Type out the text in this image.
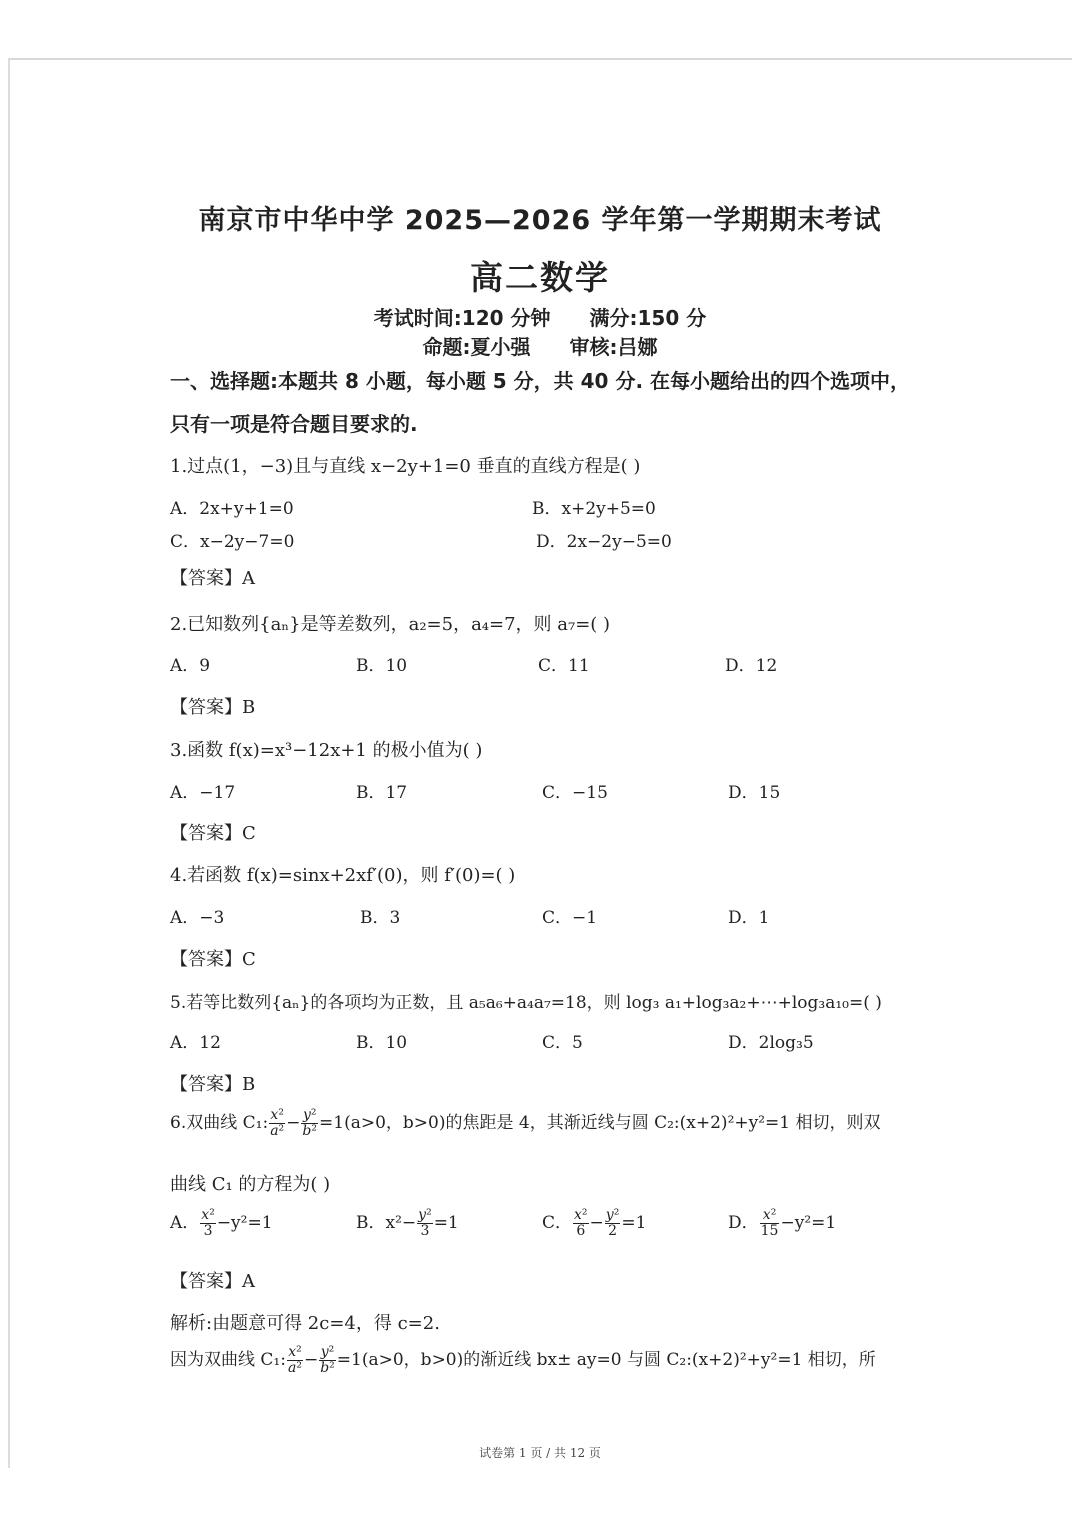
南京市中华中学 2025—2026 学年第一学期期末考试
高二数学
考试时间:120 分钟 满分:150 分
命题:夏小强 审核:吕娜
一、选择题:本题共 8 小题，每小题 5 分，共 40 分. 在每小题给出的四个选项中，
只有一项是符合题目要求的.
1.过点(1，−3)且与直线 x−2y+1=0 垂直的直线方程是( )
A．2x+y+1=0	B．x+2y+5=0
C．x−2y−7=0	D．2x−2y−5=0
【答案】A
2.已知数列{aₙ}是等差数列，a₂=5，a₄=7，则 a₇=( )
A．9	B．10	C．11	D．12
【答案】B
3.函数 f(x)=x³−12x+1 的极小值为( )
A．−17	B．17	C．−15	D．15
【答案】C
4.若函数 f(x)=sinx+2xf′(0)，则 f′(0)=( )
A．−3	B．3	C．−1	D．1
【答案】C
5.若等比数列{aₙ}的各项均为正数，且 a₅a₆+a₄a₇=18，则 log₃ a₁+log₃a₂+⋯+log₃a₁₀=( )
A．12	B．10	C．5	D．2log₃5
【答案】B
6.双曲线 C₁: $\frac{\text{x²}}{\text{a²}} - \frac{\text{y²}}{\text{b²}} =1(a>0$，b>0)的焦距是 4，其渐近线与圆 C₂:(x+2)²+y²=1 相切，则双
曲线 C₁ 的方程为( )
A． $\frac{\text{x²}}{3} -y^2=1$	B．$x^2- \frac{\text{y²}}{3} =1$	C． $\frac{\text{x²}}{6} - \frac{\text{y²}}{2} =1$	D． $\frac{\text{x²}}{15} -y^2=1$
【答案】A
解析:由题意可得 2c=4，得 c=2.
因为双曲线 C₁: $\frac{\text{x²}}{\text{a²}} - \frac{\text{y²}}{\text{b²}} =1(a>0$，b>0)的渐近线 bx± ay=0 与圆 C₂:(x+2)²+y²=1 相切，所
试卷第 1 页 / 共 12 页
